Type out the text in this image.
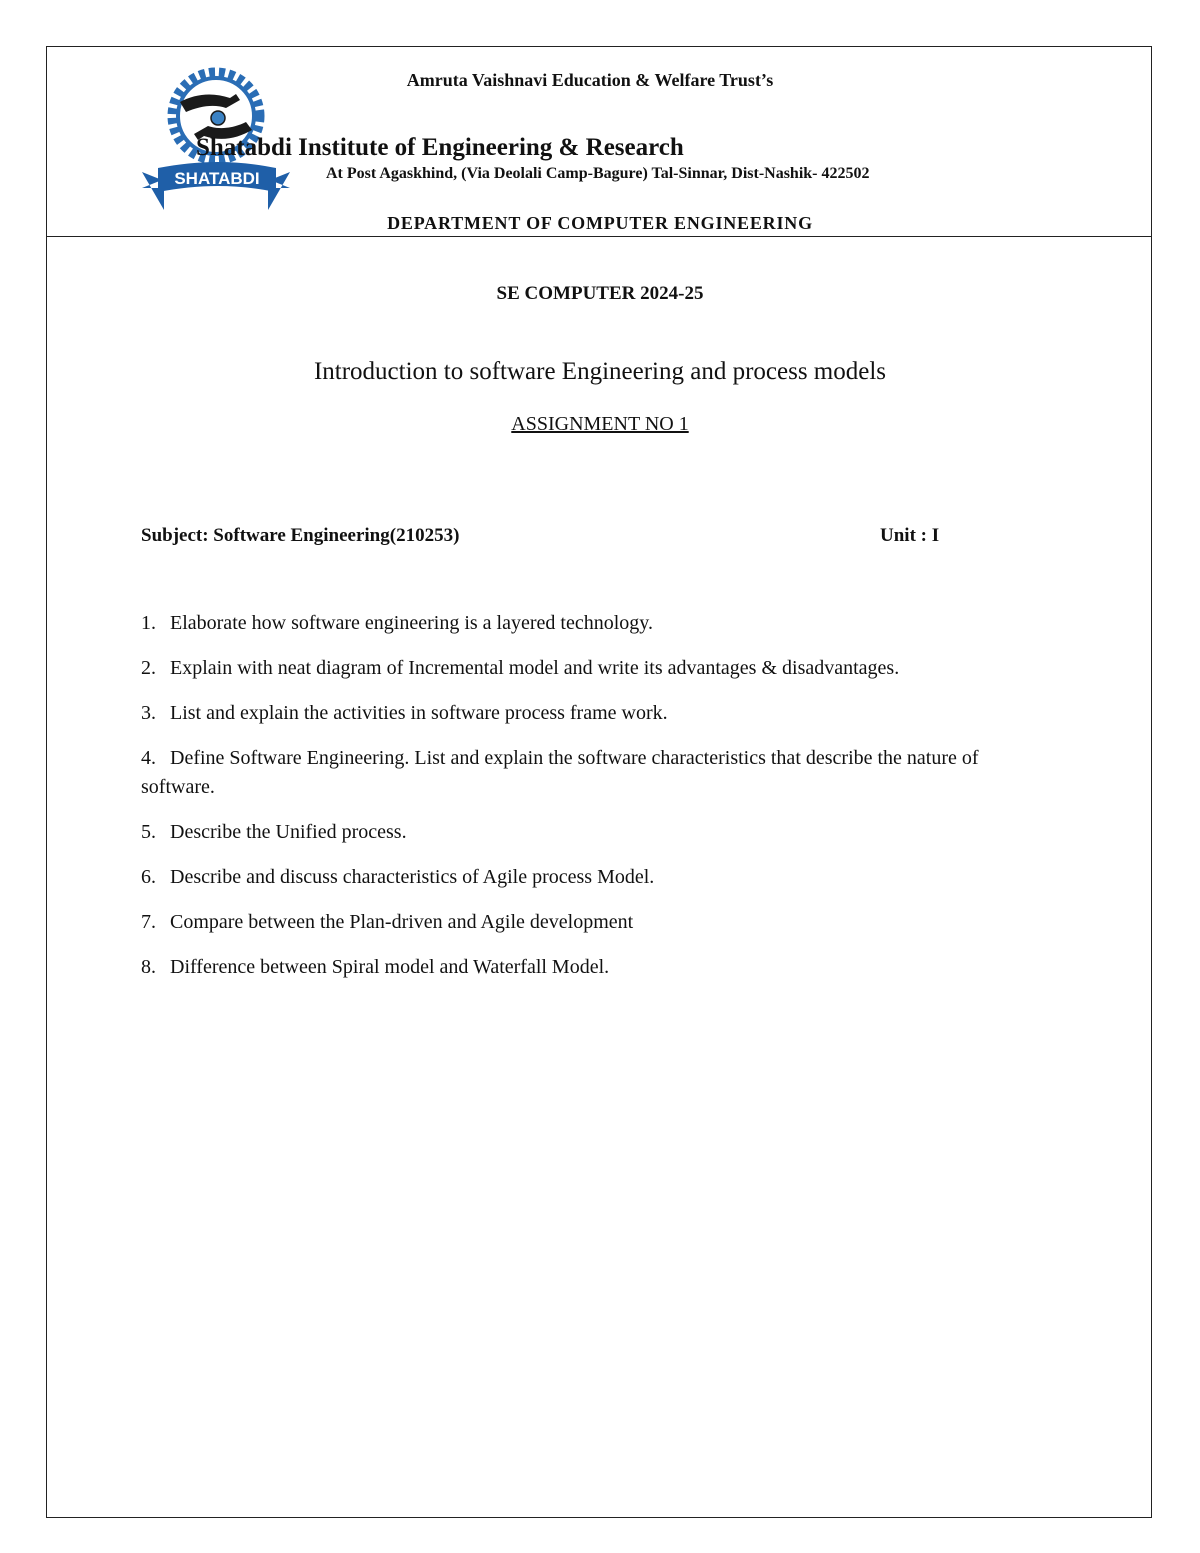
SHATABDI
Amruta Vaishnavi Education & Welfare Trust’s
Shatabdi Institute of Engineering & Research
At Post Agaskhind, (Via Deolali Camp-Bagure) Tal-Sinnar, Dist-Nashik- 422502
DEPARTMENT OF COMPUTER ENGINEERING
SE COMPUTER 2024-25
Introduction to software Engineering and process models
ASSIGNMENT NO 1
Subject: Software Engineering(210253)	Unit : I
1. Elaborate how software engineering is a layered technology.
2. Explain with neat diagram of Incremental model and write its advantages & disadvantages.
3. List and explain the activities in software process frame work.
4. Define Software Engineering. List and explain the software characteristics that describe the nature of software.
5. Describe the Unified process.
6. Describe and discuss characteristics of Agile process Model.
7. Compare between the Plan-driven and Agile development
8. Difference between Spiral model and Waterfall Model.
